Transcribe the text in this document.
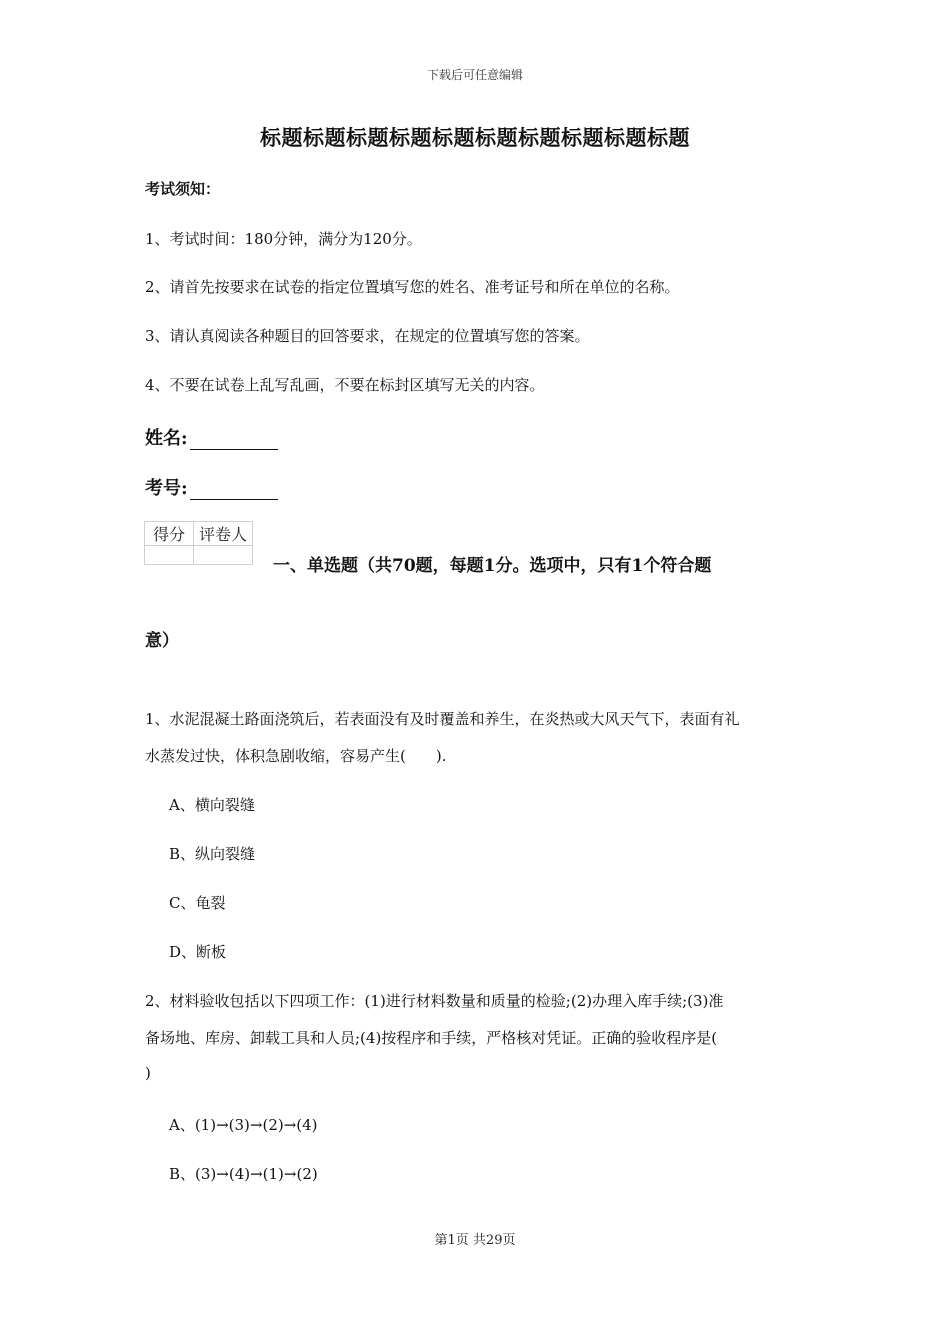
下载后可任意编辑
标题标题标题标题标题标题标题标题标题标题
考试须知：
1、考试时间：180分钟，满分为120分。
2、请首先按要求在试卷的指定位置填写您的姓名、准考证号和所在单位的名称。
3、请认真阅读各种题目的回答要求，在规定的位置填写您的答案。
4、不要在试卷上乱写乱画，不要在标封区填写无关的内容。
姓名:
考号:
得分	评卷人

一、单选题（共70题，每题1分。选项中，只有1个符合题
意）
1、水泥混凝土路面浇筑后，若表面没有及时覆盖和养生，在炎热或大风天气下，表面有礼
水蒸发过快，体积急剧收缩，容易产生(　　).
A、横向裂缝
B、纵向裂缝
C、龟裂
D、断板
2、材料验收包括以下四项工作：(1)进行材料数量和质量的检验;(2)办理入库手续;(3)准
备场地、库房、卸载工具和人员;(4)按程序和手续，严格核对凭证。正确的验收程序是(
)
A、(1)→(3)→(2)→(4)
B、(3)→(4)→(1)→(2)
第1页 共29页
